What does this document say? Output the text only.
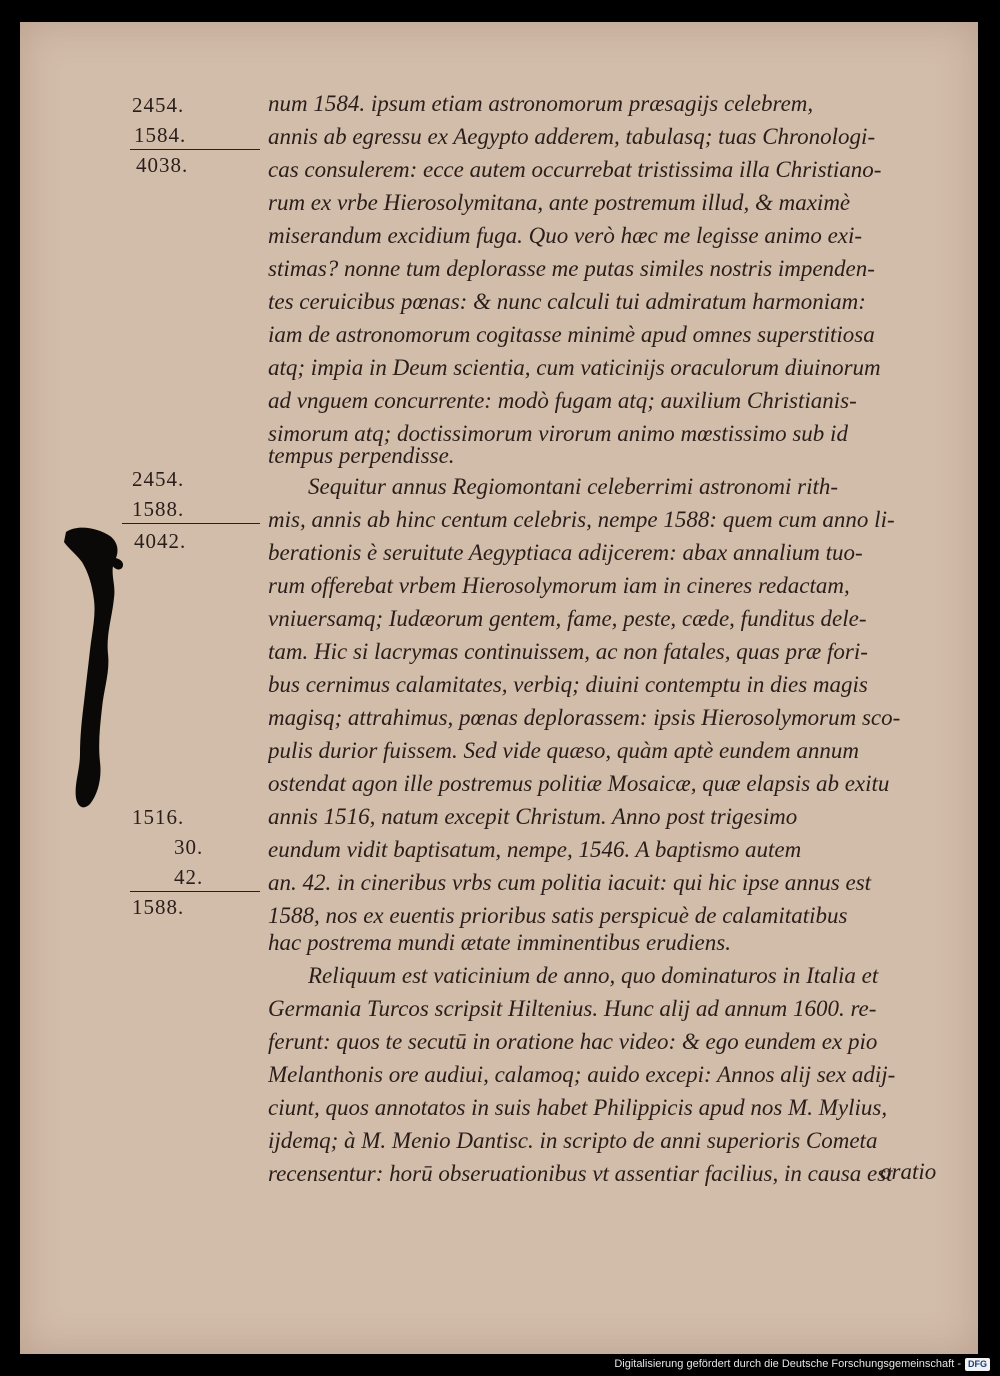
2454.
1584.
4038.
2454.
1588.
4042.
1516.
30.
42.
1588.
num 1584. ipsum etiam astronomorum præsagijs celebrem,
annis ab egressu ex Aegypto adderem, tabulasq; tuas Chronologi-
cas consulerem: ecce autem occurrebat tristissima illa Christiano-
rum ex vrbe Hierosolymitana, ante postremum illud, & maximè
miserandum excidium fuga. Quo verò hæc me legisse animo exi-
stimas? nonne tum deplorasse me putas similes nostris impenden-
tes ceruicibus pœnas: & nunc calculi tui admiratum harmoniam:
iam de astronomorum cogitasse minimè apud omnes superstitiosa
atq; impia in Deum scientia, cum vaticinijs oraculorum diuinorum
ad vnguem concurrente: modò fugam atq; auxilium Christianis-
simorum atq; doctissimorum virorum animo mœstissimo sub id
tempus perpendisse.
Sequitur annus Regiomontani celeberrimi astronomi rith-
mis, annis ab hinc centum celebris, nempe 1588: quem cum anno li-
berationis è seruitute Aegyptiaca adijcerem: abax annalium tuo-
rum offerebat vrbem Hierosolymorum iam in cineres redactam,
vniuersamq; Iudæorum gentem, fame, peste, cæde, funditus dele-
tam. Hic si lacrymas continuissem, ac non fatales, quas præ fori-
bus cernimus calamitates, verbiq; diuini contemptu in dies magis
magisq; attrahimus, pœnas deplorassem: ipsis Hierosolymorum sco-
pulis durior fuissem. Sed vide quæso, quàm aptè eundem annum
ostendat agon ille postremus politiæ Mosaicæ, quæ elapsis ab exitu
annis 1516, natum excepit Christum. Anno post trigesimo
eundum vidit baptisatum, nempe, 1546. A baptismo autem
an. 42. in cineribus vrbs cum politia iacuit: qui hic ipse annus est
1588, nos ex euentis prioribus satis perspicuè de calamitatibus
hac postrema mundi ætate imminentibus erudiens.
Reliquum est vaticinium de anno, quo dominaturos in Italia et
Germania Turcos scripsit Hiltenius. Hunc alij ad annum 1600. re-
ferunt: quos te secutū in oratione hac video: & ego eundem ex pio
Melanthonis ore audiui, calamoq; auido excepi: Annos alij sex adij-
ciunt, quos annotatos in suis habet Philippicis apud nos M. Mylius,
ijdemq; à M. Menio Dantisc. in scripto de anni superioris Cometa
recensentur: horū obseruationibus vt assentiar facilius, in causa est
oratio
Digitalisierung gefördert durch die Deutsche Forschungsgemeinschaft - DFG
